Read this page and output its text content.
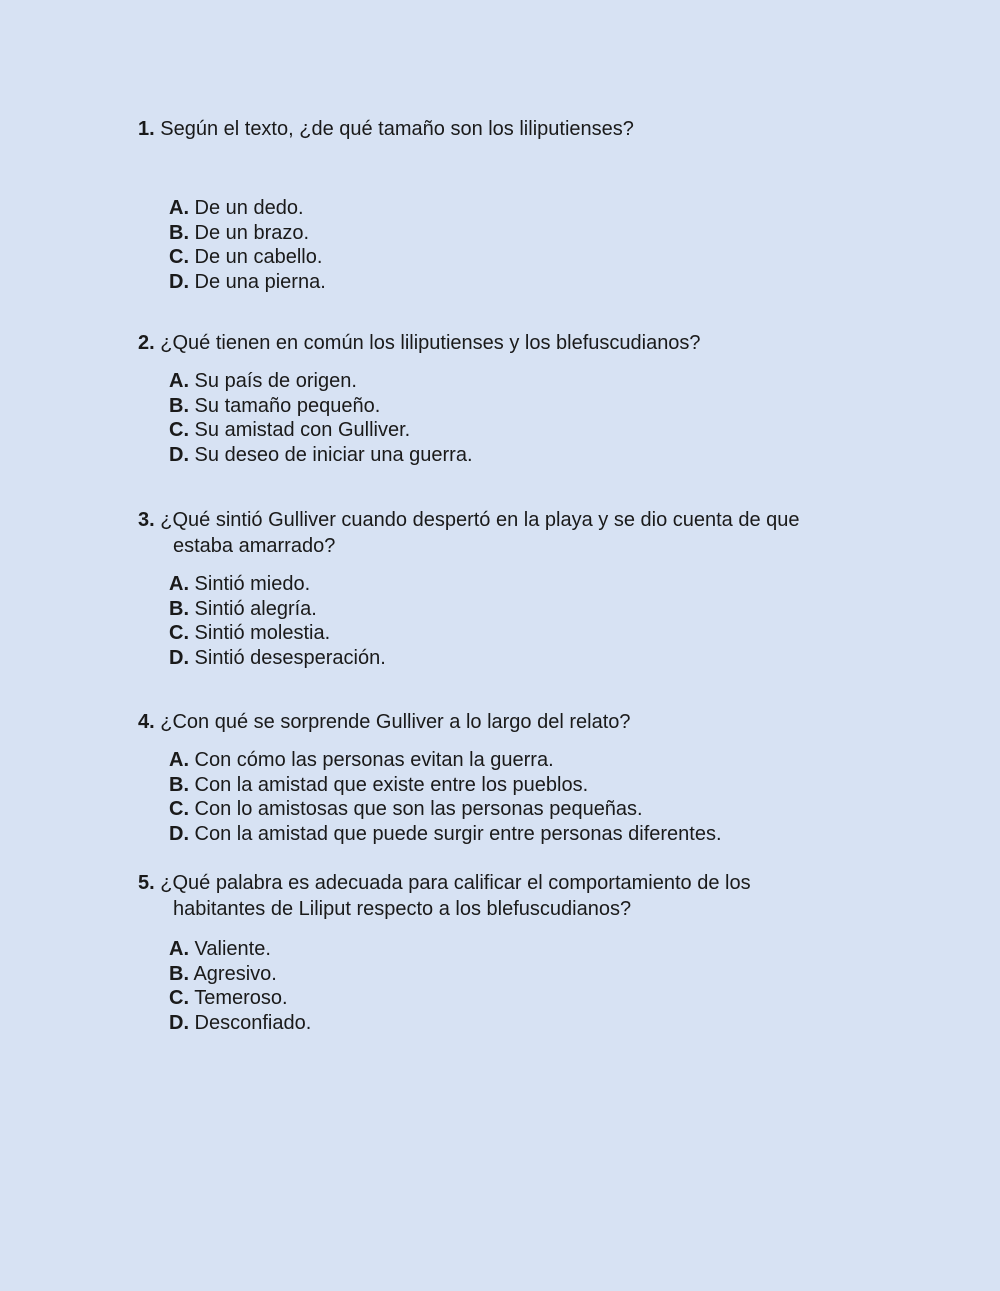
1. Según el texto, ¿de qué tamaño son los liliputienses?

A. De un dedo.
B. De un brazo.
C. De un cabello.
D. De una pierna.

2. ¿Qué tienen en común los liliputienses y los blefuscudianos?

A. Su país de origen.
B. Su tamaño pequeño.
C. Su amistad con Gulliver.
D. Su deseo de iniciar una guerra.

3. ¿Qué sintió Gulliver cuando despertó en la playa y se dio cuenta de que

estaba amarrado?

A. Sintió miedo.
B. Sintió alegría.
C. Sintió molestia.
D. Sintió desesperación.

4. ¿Con qué se sorprende Gulliver a lo largo del relato?

A. Con cómo las personas evitan la guerra.
B. Con la amistad que existe entre los pueblos.
C. Con lo amistosas que son las personas pequeñas.
D. Con la amistad que puede surgir entre personas diferentes.

5. ¿Qué palabra es adecuada para calificar el comportamiento de los

habitantes de Liliput respecto a los blefuscudianos?

A. Valiente.
B. Agresivo.
C. Temeroso.
D. Desconfiado.
